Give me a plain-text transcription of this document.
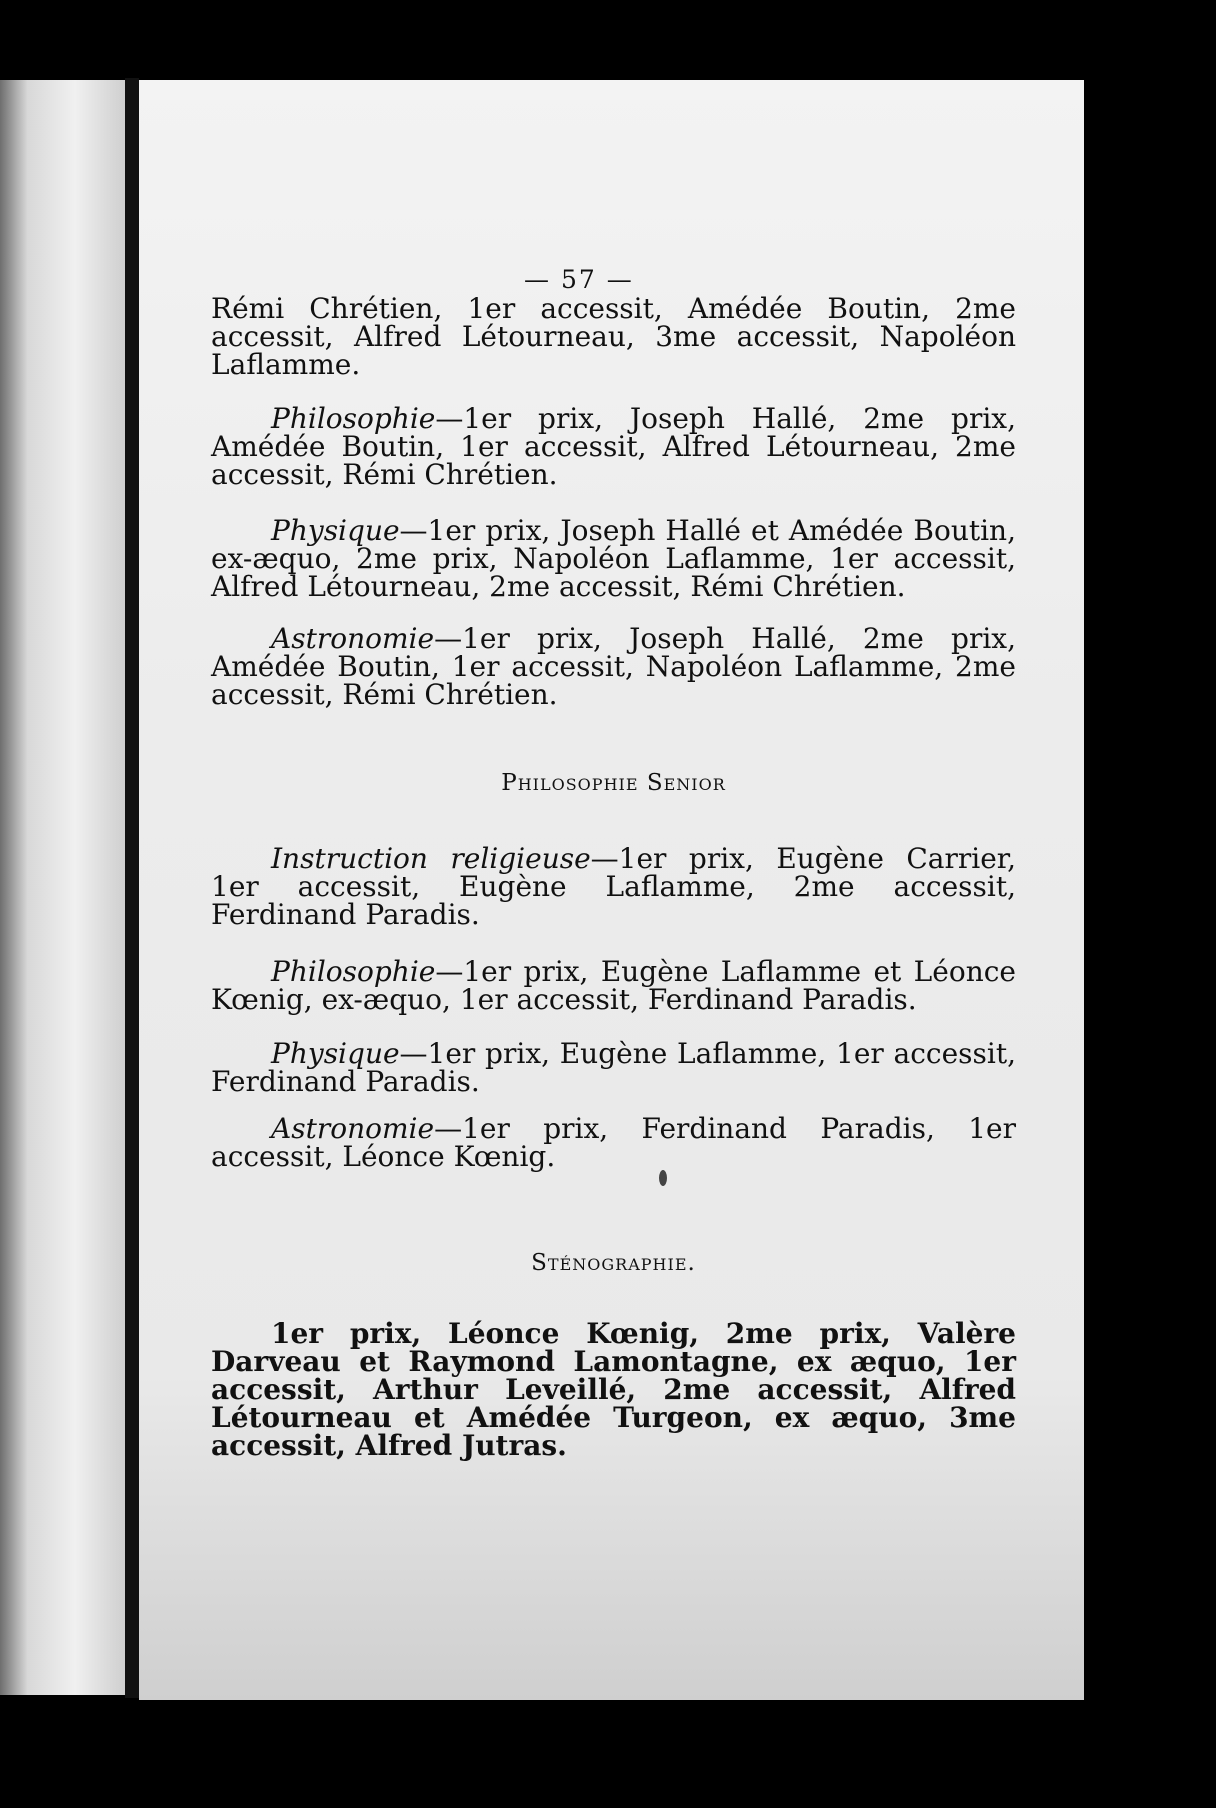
— 57 —
Rémi Chrétien, 1er accessit, Amédée Boutin, 2me accessit, Alfred Létourneau, 3me accessit, Napoléon Laflamme.
Philosophie—1er prix, Joseph Hallé, 2me prix, Amédée Boutin, 1er accessit, Alfred Létourneau, 2me accessit, Rémi Chrétien.
Physique—1er prix, Joseph Hallé et Amédée Boutin, ex-æquo, 2me prix, Napoléon Laflamme, 1er accessit, Alfred Létourneau, 2me accessit, Rémi Chrétien.
Astronomie—1er prix, Joseph Hallé, 2me prix, Amédée Boutin, 1er accessit, Napoléon Laflamme, 2me accessit, Rémi Chrétien.
Philosophie Senior
Instruction religieuse—1er prix, Eugène Carrier, 1er accessit, Eugène Laflamme, 2me accessit, Ferdinand Paradis.
Philosophie—1er prix, Eugène Laflamme et Léonce Kœnig, ex-æquo, 1er accessit, Ferdinand Paradis.
Physique—1er prix, Eugène Laflamme, 1er accessit, Ferdinand Paradis.
Astronomie—1er prix, Ferdinand Paradis, 1er accessit, Léonce Kœnig.
Sténographie.
1er prix, Léonce Kœnig, 2me prix, Valère Darveau et Raymond Lamontagne, ex æquo, 1er accessit, Arthur Leveillé, 2me accessit, Alfred Létourneau et Amédée Turgeon, ex æquo, 3me accessit, Alfred Jutras.
